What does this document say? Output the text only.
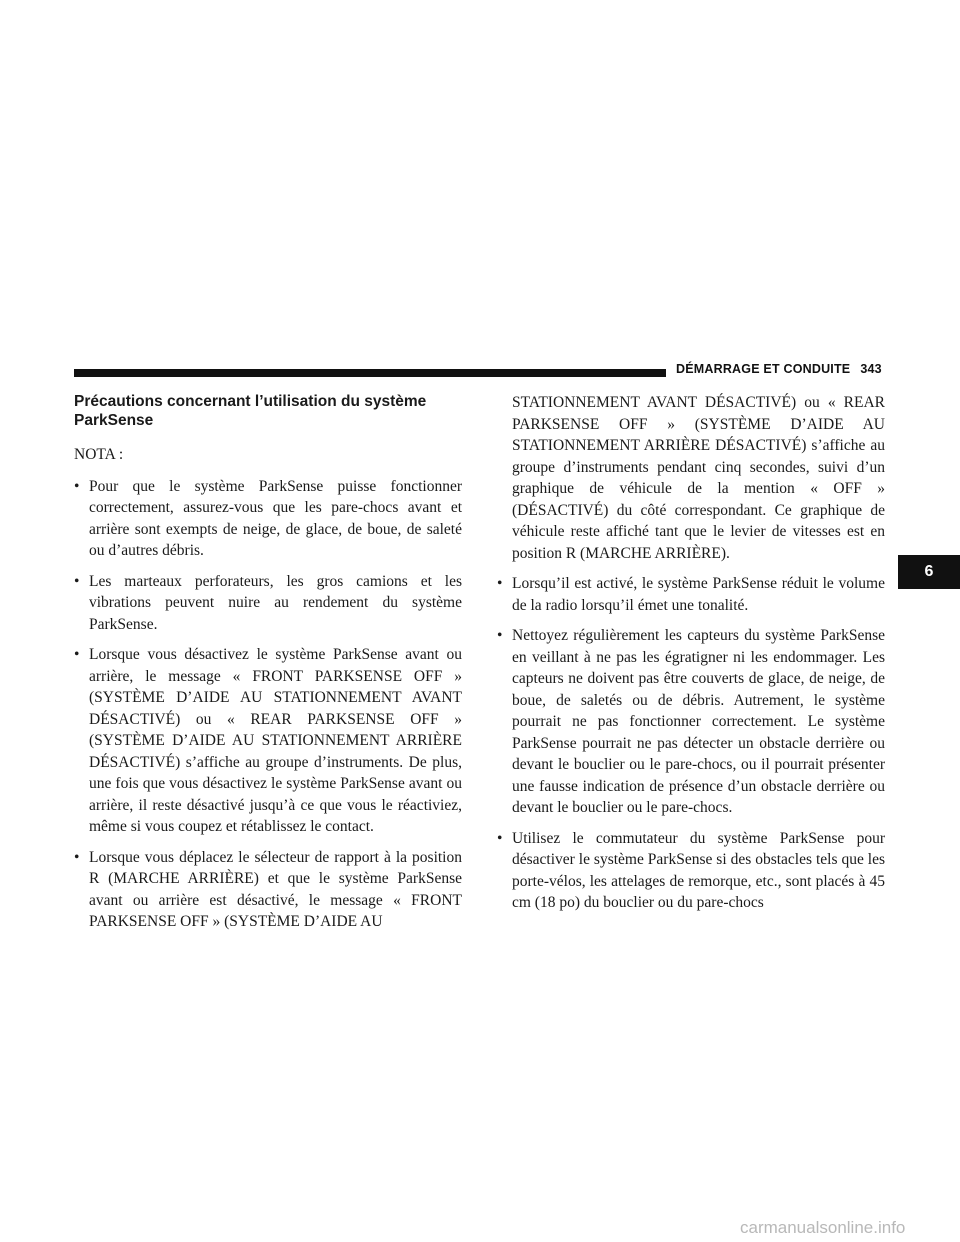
DÉMARRAGE ET CONDUITE 343
Précautions concernant l’utilisation du système
ParkSense
NOTA :
• Pour que le système ParkSense puisse fonctionner correctement, assurez-vous que les pare-chocs avant et arrière sont exempts de neige, de glace, de boue, de saleté ou d’autres débris.
• Les marteaux perforateurs, les gros camions et les vibrations peuvent nuire au rendement du système ParkSense.
• Lorsque vous désactivez le système ParkSense avant ou arrière, le message « FRONT PARKSENSE OFF » (SYSTÈME D’AIDE AU STATIONNEMENT AVANT DÉSACTIVÉ) ou « REAR PARKSENSE OFF » (SYSTÈME D’AIDE AU STATIONNEMENT ARRIÈRE DÉSACTIVÉ) s’affiche au groupe d’instruments. De plus, une fois que vous désactivez le système ParkSense avant ou arrière, il reste désactivé jusqu’à ce que vous le réactiviez, même si vous coupez et rétablissez le contact.
• Lorsque vous déplacez le sélecteur de rapport à la position R (MARCHE ARRIÈRE) et que le système ParkSense avant ou arrière est désactivé, le message « FRONT PARKSENSE OFF » (SYSTÈME D’AIDE AU
STATIONNEMENT AVANT DÉSACTIVÉ) ou « REAR PARKSENSE OFF » (SYSTÈME D’AIDE AU STATIONNEMENT ARRIÈRE DÉSACTIVÉ) s’affiche au groupe d’instruments pendant cinq secondes, suivi d’un graphique de véhicule de la mention « OFF » (DÉSACTIVÉ) du côté correspondant. Ce graphique de véhicule reste affiché tant que le levier de vitesses est en position R (MARCHE ARRIÈRE).
• Lorsqu’il est activé, le système ParkSense réduit le volume de la radio lorsqu’il émet une tonalité.
• Nettoyez régulièrement les capteurs du système ParkSense en veillant à ne pas les égratigner ni les endommager. Les capteurs ne doivent pas être couverts de glace, de neige, de boue, de saletés ou de débris. Autrement, le système pourrait ne pas fonctionner correctement. Le système ParkSense pourrait ne pas détecter un obstacle derrière ou devant le bouclier ou le pare-chocs, ou il pourrait présenter une fausse indication de présence d’un obstacle derrière ou devant le bouclier ou le pare-chocs.
• Utilisez le commutateur du système ParkSense pour désactiver le système ParkSense si des obstacles tels que les porte-vélos, les attelages de remorque, etc., sont placés à 45 cm (18 po) du bouclier ou du pare-chocs
6
carmanualsonline.info
